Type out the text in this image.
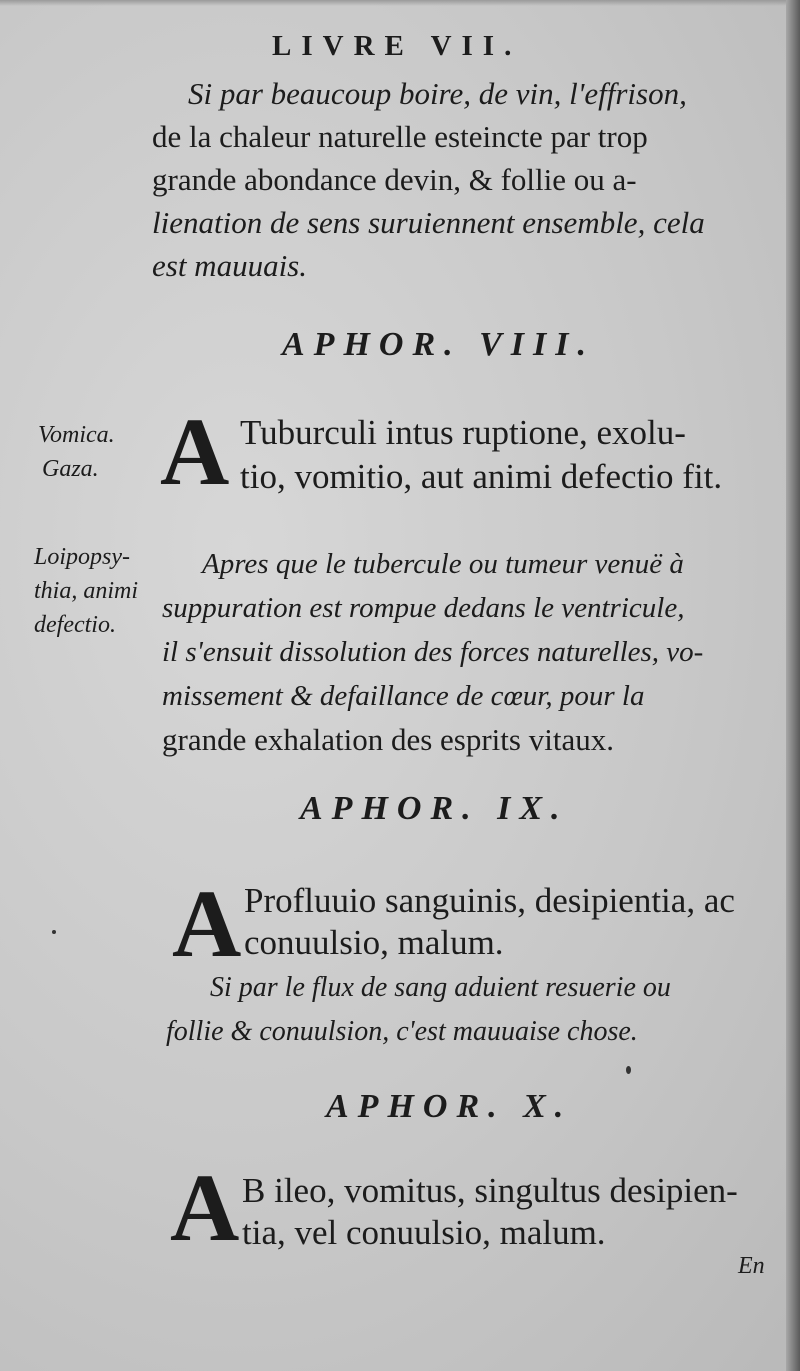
LIVRE VII.
Si par beaucoup boire, de vin, l'effrison,
de la chaleur naturelle esteincte par trop
grande abondance devin, & follie ou a-
lienation de sens suruiennent ensemble, cela
est mauuais.
APHOR. VIII.
Vomica.
Gaza. A Tuburculi intus ruptione, exolu-
tio, vomitio, aut animi defectio fit.
Loipopsy-
thia, animi
defectio.
Apres que le tubercule ou tumeur venuë à
suppuration est rompue dedans le ventricule,
il s'ensuit dissolution des forces naturelles, vo-
missement & defaillance de cœur, pour la
grande exhalation des esprits vitaux.
APHOR. IX.
A Profluuio sanguinis, desipientia, ac
conuulsio, malum.
Si par le flux de sang aduient resuerie ou
follie & conuulsion, c'est mauuaise chose.
APHOR. X.
A B ileo, vomitus, singultus desipien-
tia, vel conuulsio, malum.
En
